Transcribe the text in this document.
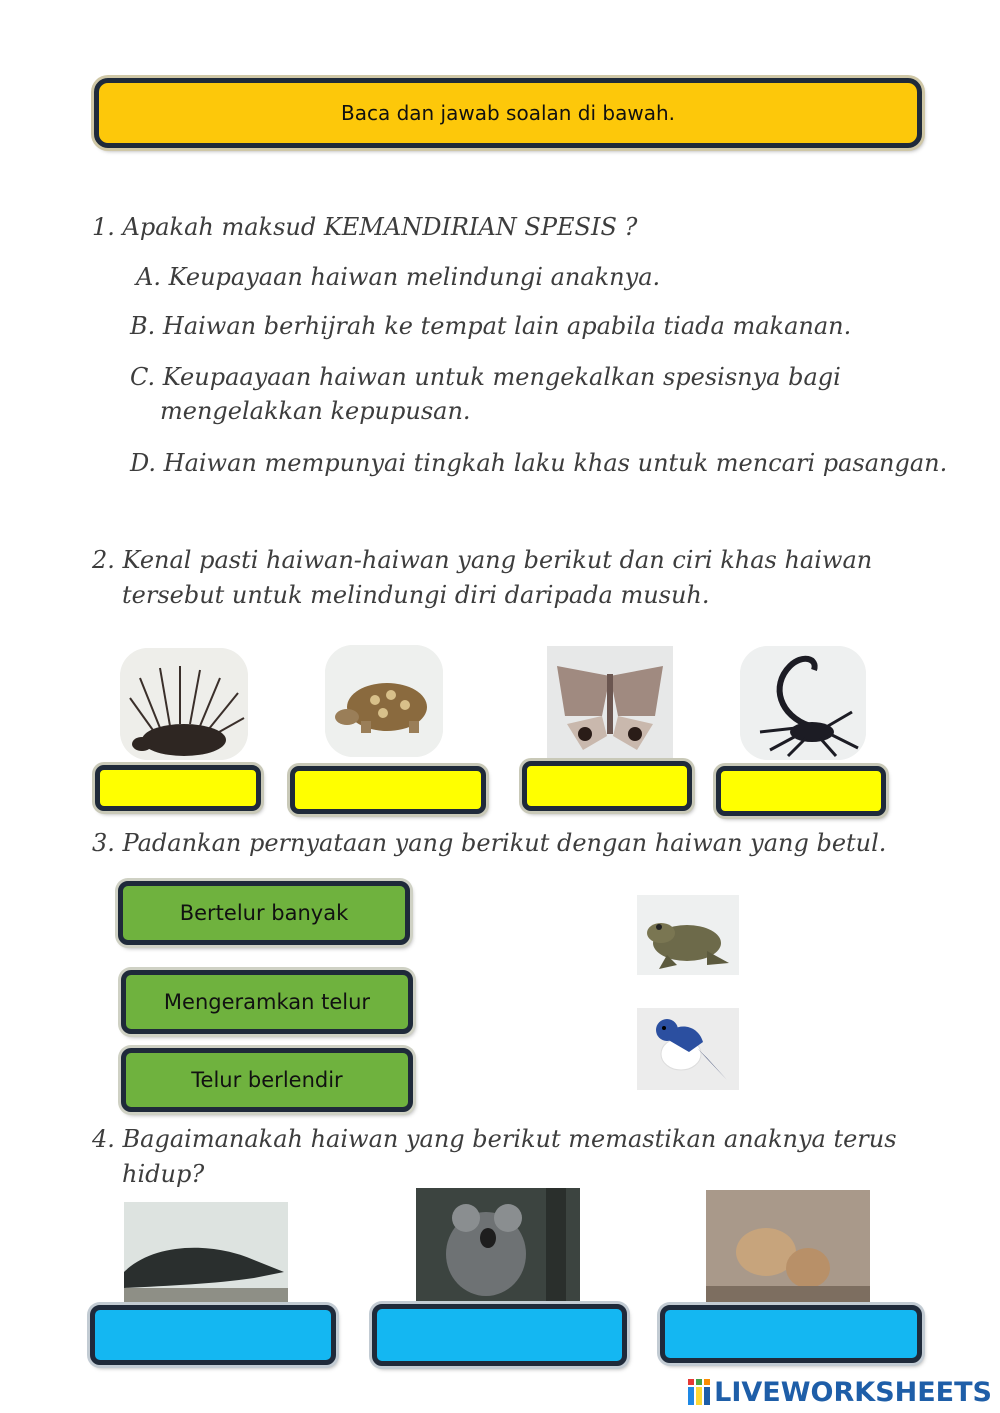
Baca dan jawab soalan di bawah.
1. Apakah maksud KEMANDIRIAN SPESIS ?
A. Keupayaan haiwan melindungi anaknya.
B. Haiwan berhijrah ke tempat lain apabila tiada makanan.
C. Keupaayaan haiwan untuk mengekalkan spesisnya bagi
mengelakkan kepupusan.
D. Haiwan mempunyai tingkah laku khas untuk mencari pasangan.
2. Kenal pasti haiwan-haiwan yang berikut dan ciri khas haiwan
tersebut untuk melindungi diri daripada musuh.
3. Padankan pernyataan yang berikut dengan haiwan yang betul.
Bertelur banyak
Mengeramkan telur
Telur berlendir
4. Bagaimanakah haiwan yang berikut memastikan anaknya terus
hidup?
LIVEWORKSHEETS
